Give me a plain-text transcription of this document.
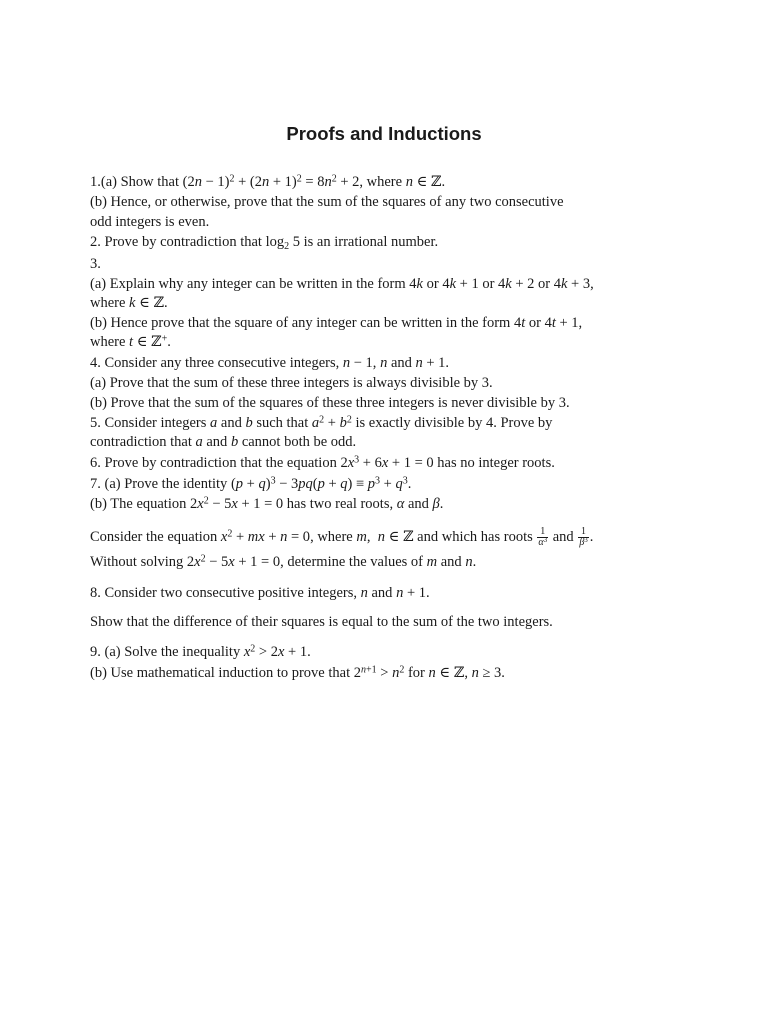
Proofs and Inductions
1.(a) Show that $(2n - 1)^2 + (2n + 1)^2 = 8n^2 + 2$, where n ∈ ℤ.
(b) Hence, or otherwise, prove that the sum of the squares of any two consecutive
odd integers is even.
2. Prove by contradiction that $\log_2 5$ is an irrational number.
3.
(a) Explain why any integer can be written in the form 4k or 4k + 1 or 4k + 2 or 4k + 3,
where k ∈ ℤ.
(b) Hence prove that the square of any integer can be written in the form 4t or 4t + 1,
where t ∈ ℤ+.
4. Consider any three consecutive integers, n − 1, n and n + 1.
(a) Prove that the sum of these three integers is always divisible by 3.
(b) Prove that the sum of the squares of these three integers is never divisible by 3.
5. Consider integers a and b such that $a^2 + b^2$ is exactly divisible by 4. Prove by
contradiction that a and b cannot both be odd.
6. Prove by contradiction that the equation $2x^3 + 6x + 1 = 0$ has no integer roots.
7. (a) Prove the identity $(p + q)^3 - 3pq(p + q) \equiv p^3 + q^3$.
(b) The equation $2x^2 - 5x + 1 = 0$ has two real roots, α and β.
Consider the equation $x^2$ + mx + n = 0, where m,  n ∈ ℤ and which has roots $\frac{1}{\alpha^3}$ and $\frac{1}{\beta^3}$ .
Without solving $2x^2 - 5x + 1 = 0$, determine the values of m and n.
8. Consider two consecutive positive integers, n and n + 1.
Show that the difference of their squares is equal to the sum of the two integers.
9. (a) Solve the inequality $x^2 > 2x + 1$.
(b) Use mathematical induction to prove that $2^{n+1} > n^2$ for n ∈ ℤ, n ≥ 3.
